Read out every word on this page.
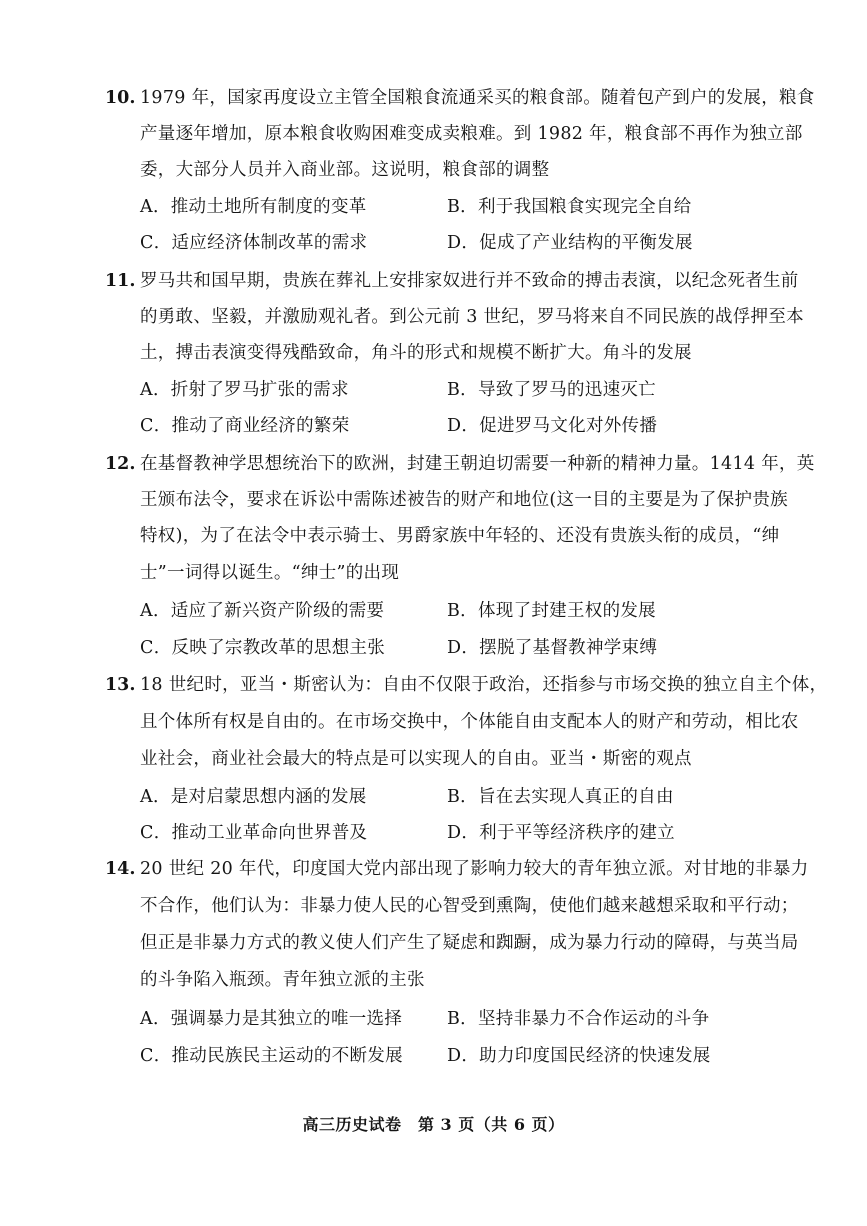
10. 1979 年，国家再度设立主管全国粮食流通采买的粮食部。随着包产到户的发展，粮食
产量逐年增加，原本粮食收购困难变成卖粮难。到 1982 年，粮食部不再作为独立部
委，大部分人员并入商业部。这说明，粮食部的调整
A．推动土地所有制度的变革	B．利于我国粮食实现完全自给
C．适应经济体制改革的需求	D．促成了产业结构的平衡发展
11. 罗马共和国早期，贵族在葬礼上安排家奴进行并不致命的搏击表演，以纪念死者生前
的勇敢、坚毅，并激励观礼者。到公元前 3 世纪，罗马将来自不同民族的战俘押至本
土，搏击表演变得残酷致命，角斗的形式和规模不断扩大。角斗的发展
A．折射了罗马扩张的需求	B．导致了罗马的迅速灭亡
C．推动了商业经济的繁荣	D．促进罗马文化对外传播
12. 在基督教神学思想统治下的欧洲，封建王朝迫切需要一种新的精神力量。1414 年，英
王颁布法令，要求在诉讼中需陈述被告的财产和地位(这一目的主要是为了保护贵族
特权)，为了在法令中表示骑士、男爵家族中年轻的、还没有贵族头衔的成员，“绅
士”一词得以诞生。“绅士”的出现
A．适应了新兴资产阶级的需要	B．体现了封建王权的发展
C．反映了宗教改革的思想主张	D．摆脱了基督教神学束缚
13. 18 世纪时，亚当・斯密认为：自由不仅限于政治，还指参与市场交换的独立自主个体，
且个体所有权是自由的。在市场交换中，个体能自由支配本人的财产和劳动，相比农
业社会，商业社会最大的特点是可以实现人的自由。亚当・斯密的观点
A．是对启蒙思想内涵的发展	B．旨在去实现人真正的自由
C．推动工业革命向世界普及	D．利于平等经济秩序的建立
14. 20 世纪 20 年代，印度国大党内部出现了影响力较大的青年独立派。对甘地的非暴力
不合作，他们认为：非暴力使人民的心智受到熏陶，使他们越来越想采取和平行动；
但正是非暴力方式的教义使人们产生了疑虑和踟蹰，成为暴力行动的障碍，与英当局
的斗争陷入瓶颈。青年独立派的主张
A．强调暴力是其独立的唯一选择	B．坚持非暴力不合作运动的斗争
C．推动民族民主运动的不断发展	D．助力印度国民经济的快速发展
高三历史试卷　第 3 页（共 6 页）
